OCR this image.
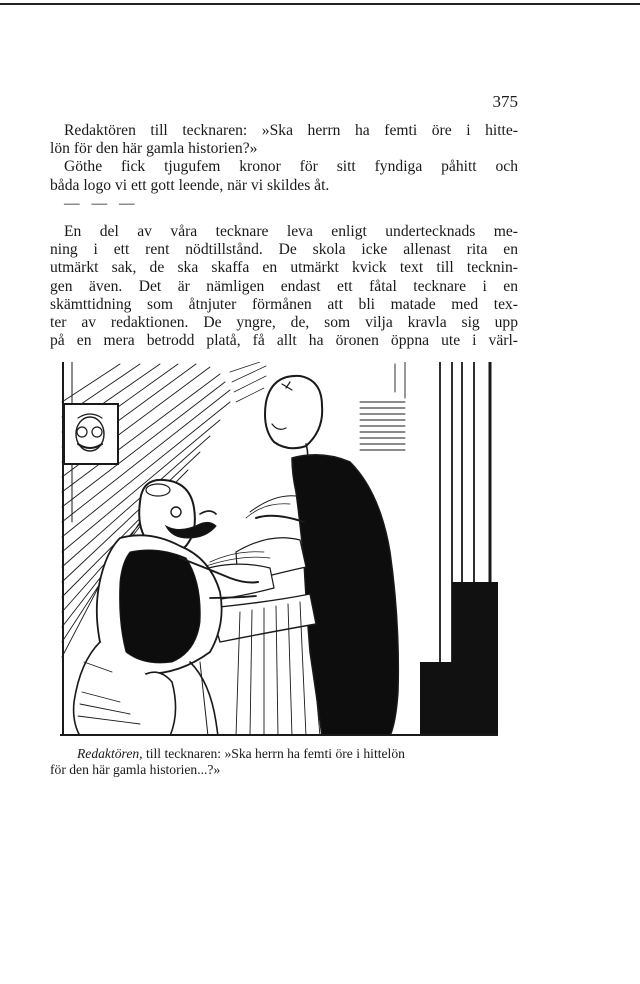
375
Redaktören till tecknaren: »Ska herrn ha femti öre i hitte-
lön för den här gamla historien?»
Göthe fick tjugufem kronor för sitt fyndiga påhitt och
båda logo vi ett gott leende, när vi skildes åt.
— — —
En del av våra tecknare leva enligt undertecknads me-
ning i ett rent nödtillstånd. De skola icke allenast rita en
utmärkt sak, de ska skaffa en utmärkt kvick text till tecknin-
gen även. Det är nämligen endast ett fåtal tecknare i en
skämttidning som åtnjuter förmånen att bli matade med tex-
ter av redaktionen. De yngre, de, som vilja kravla sig upp
på en mera betrodd platå, få allt ha öronen öppna ute i värl-
Redaktören, till tecknaren: »Ska herrn ha femti öre i hittelön
för den här gamla historien...?»
